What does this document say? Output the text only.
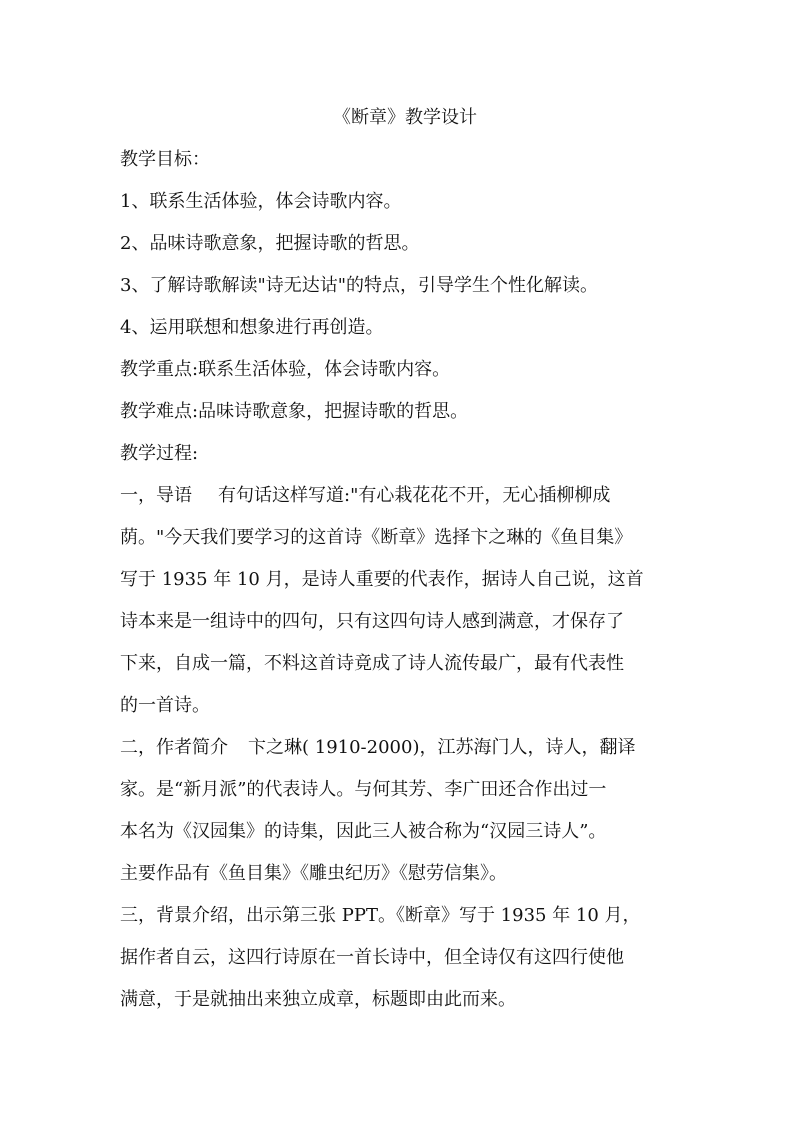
《断章》教学设计
教学目标：
1、联系生活体验，体会诗歌内容。
2、品味诗歌意象，把握诗歌的哲思。
3、了解诗歌解读"诗无达诂"的特点，引导学生个性化解读。
4、运用联想和想象进行再创造。
教学重点:联系生活体验，体会诗歌内容。
教学难点:品味诗歌意象，把握诗歌的哲思。
教学过程:
一，导语 有句话这样写道:"有心栽花花不开，无心插柳柳成
荫。"今天我们要学习的这首诗《断章》选择卞之琳的《鱼目集》
写于 1935 年 10 月，是诗人重要的代表作，据诗人自己说，这首
诗本来是一组诗中的四句，只有这四句诗人感到满意，才保存了
下来，自成一篇，不料这首诗竟成了诗人流传最广，最有代表性
的一首诗。
二，作者简介 卞之琳( 1910-2000)，江苏海门人，诗人，翻译
家。是“新月派”的代表诗人。与何其芳、李广田还合作出过一
本名为《汉园集》的诗集，因此三人被合称为“汉园三诗人”。
主要作品有《鱼目集》《雕虫纪历》《慰劳信集》。
三，背景介绍，出示第三张 PPT。《断章》写于 1935 年 10 月，
据作者自云，这四行诗原在一首长诗中，但全诗仅有这四行使他
满意，于是就抽出来独立成章，标题即由此而来。
